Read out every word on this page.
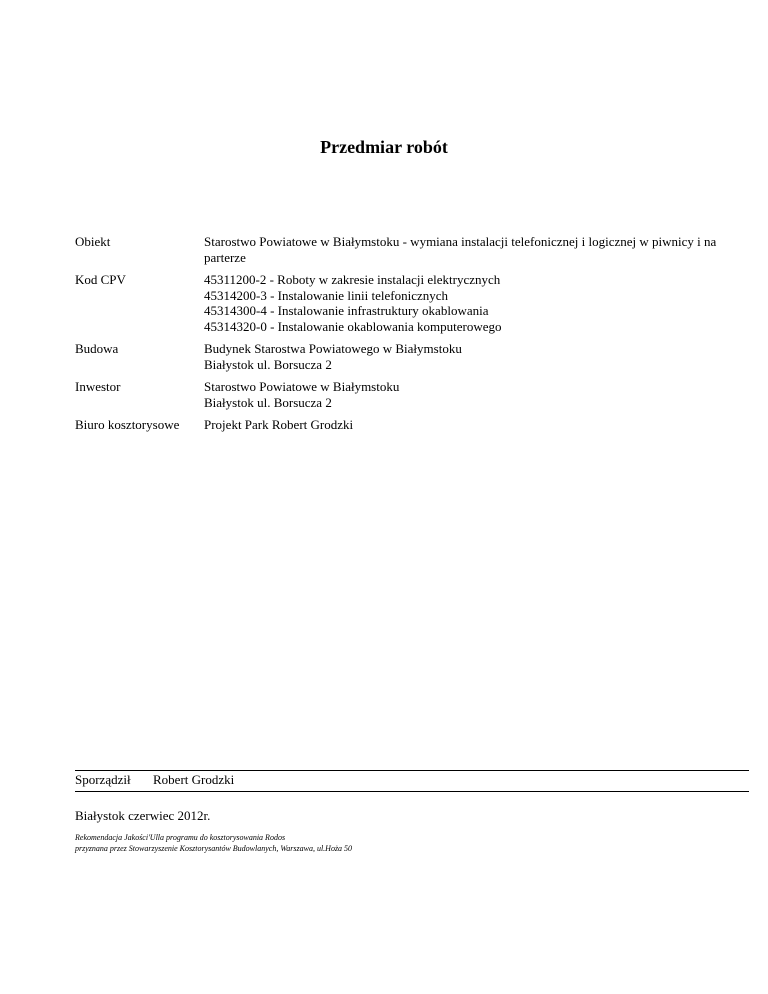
Przedmiar robót
Obiekt	Starostwo Powiatowe w Białymstoku - wymiana instalacji telefonicznej i logicznej w piwnicy i na parterze
Kod CPV	45311200-2 - Roboty w zakresie instalacji elektrycznych
45314200-3 - Instalowanie linii telefonicznych
45314300-4 - Instalowanie infrastruktury okablowania
45314320-0 - Instalowanie okablowania komputerowego
Budowa	Budynek Starostwa Powiatowego w Białymstoku
Białystok ul. Borsucza 2
Inwestor	Starostwo Powiatowe w Białymstoku
Białystok ul. Borsucza 2
Biuro kosztorysowe	Projekt Park Robert Grodzki
Sporządził	Robert Grodzki
Białystok czerwiec 2012r.
Rekomendacja Jakości'Ulla programu do kosztorysowania Rodos
przyznana przez Stowarzyszenie Kosztorysantów Budowlanych, Warszawa, ul.Hoża 50
